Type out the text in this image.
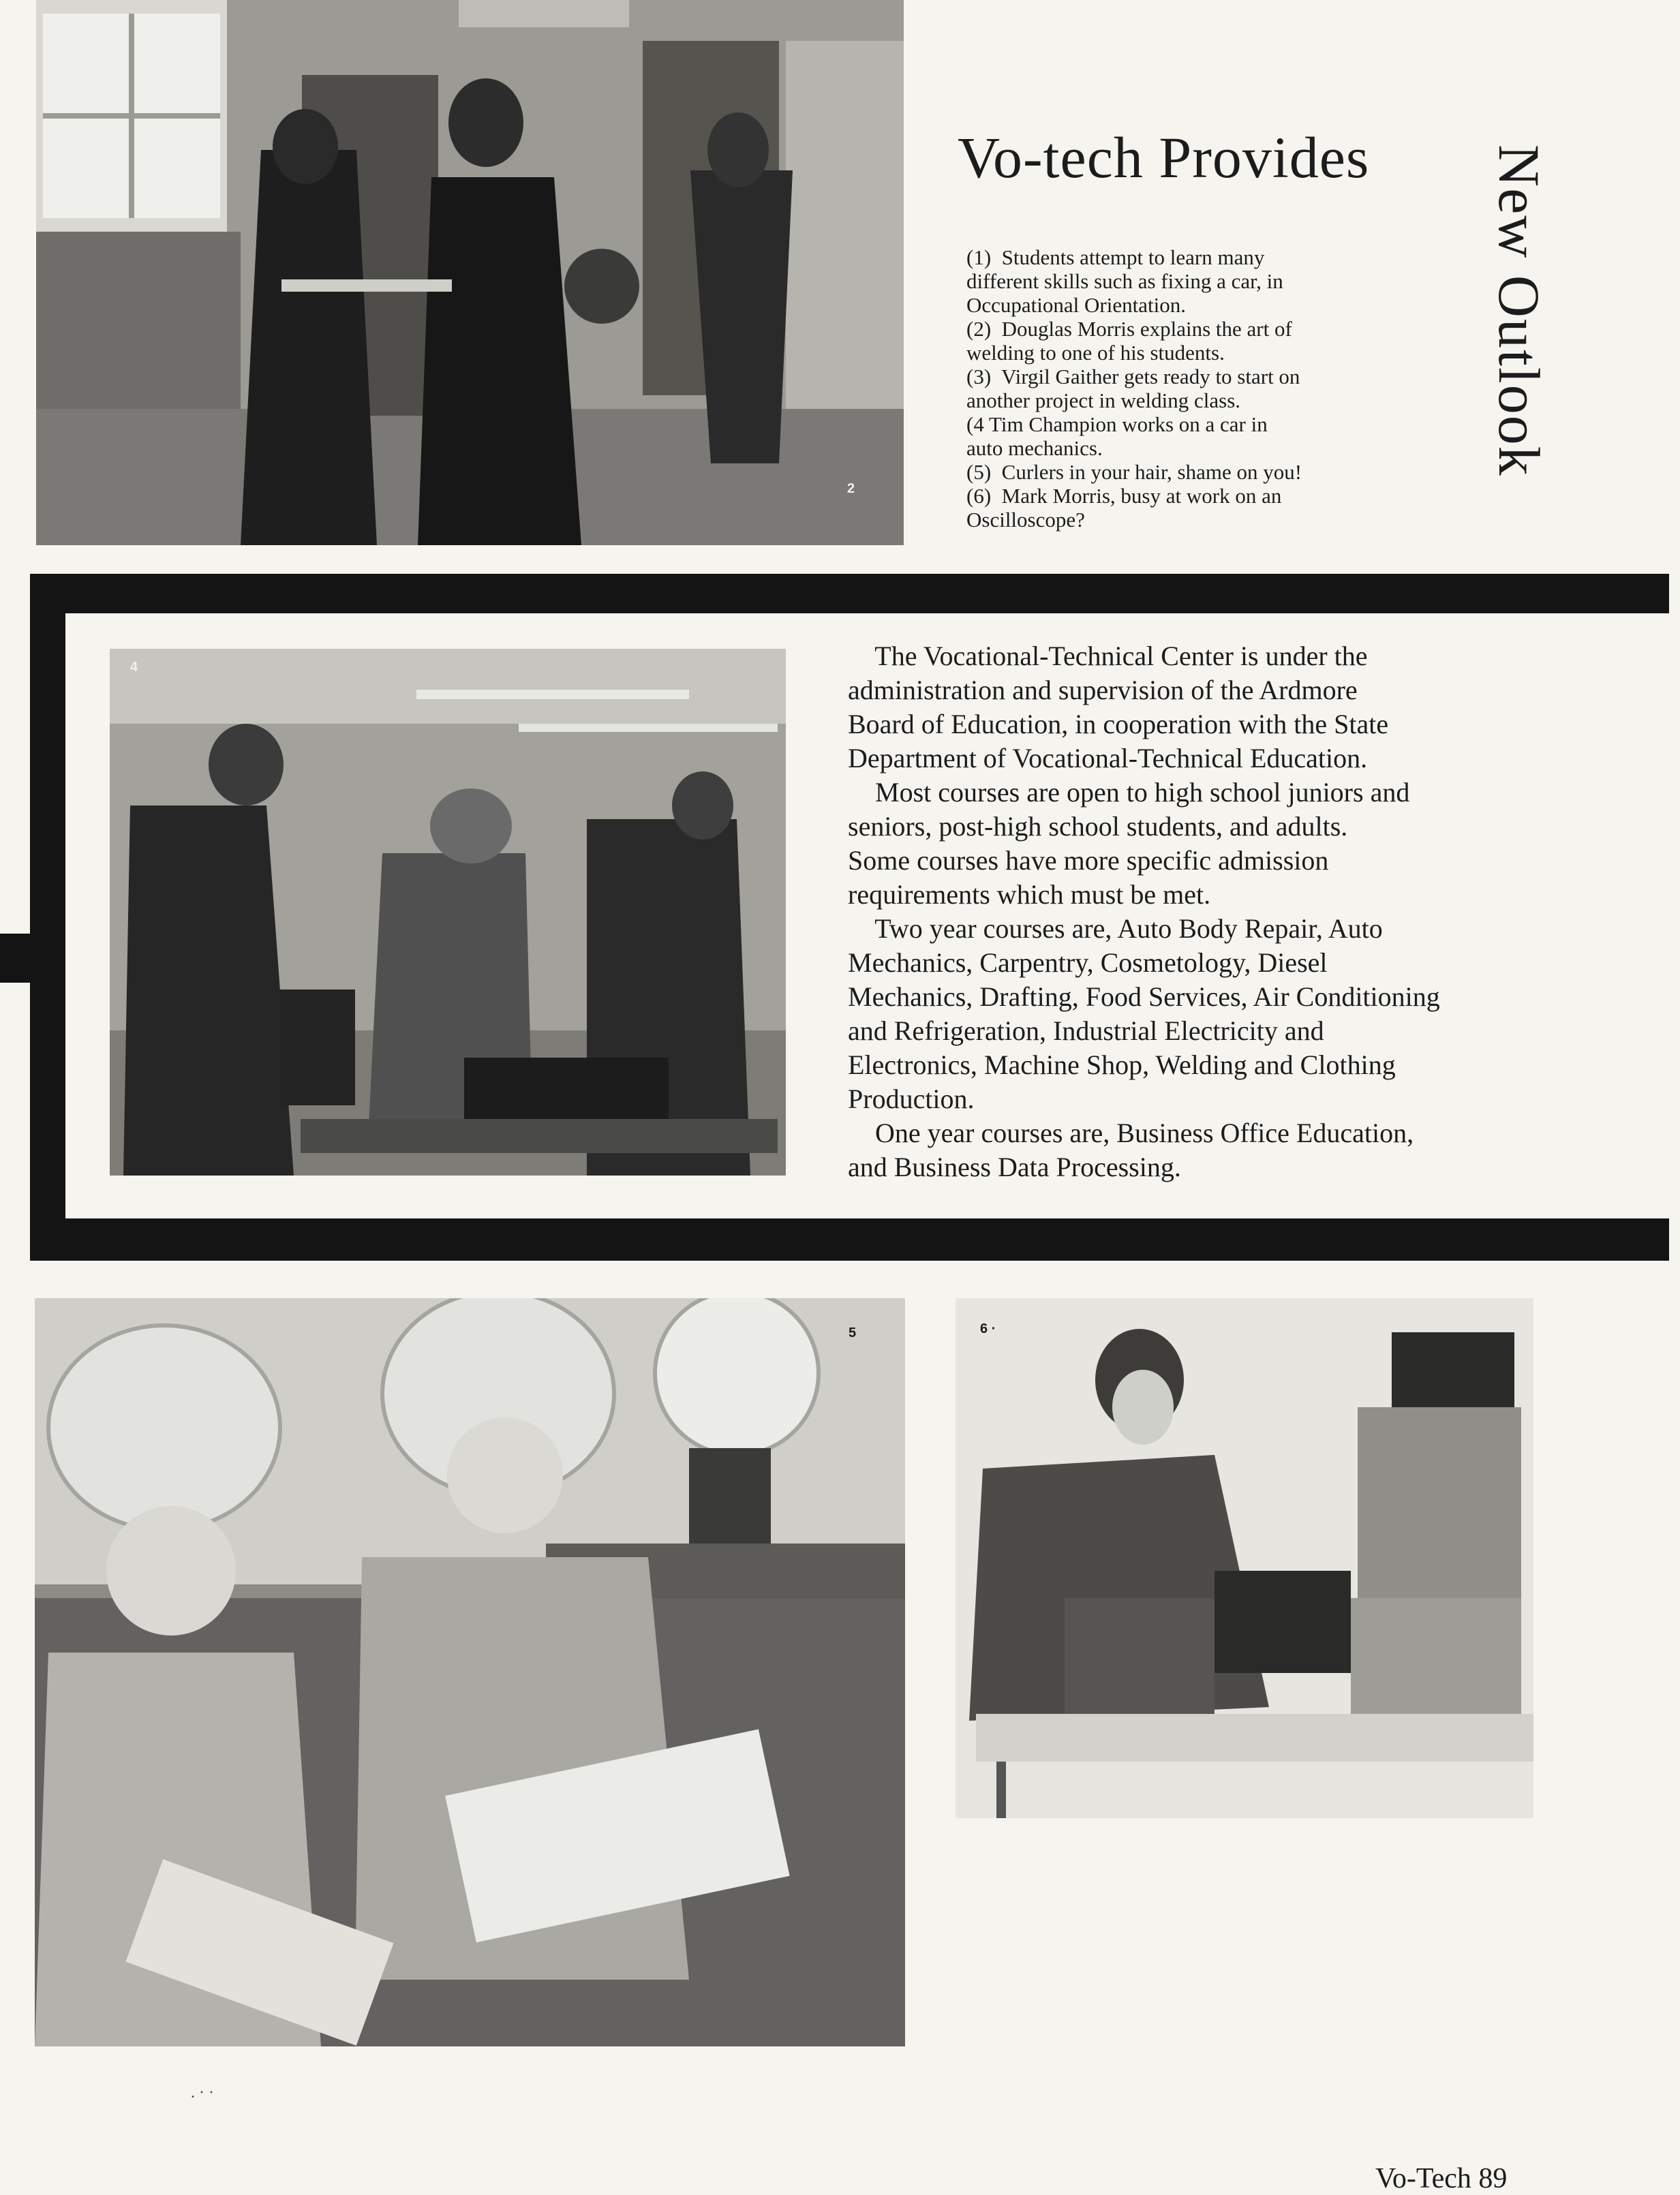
2
Vo-tech Provides New Outlook
(1)  Students attempt to learn many
different skills such as fixing a car, in
Occupational Orientation.
(2)  Douglas Morris explains the art of
welding to one of his students.
(3)  Virgil Gaither gets ready to start on
another project in welding class.
(4 Tim Champion works on a car in
auto mechanics.
(5)  Curlers in your hair, shame on you!
(6)  Mark Morris, busy at work on an
Oscilloscope?
4	The Vocational-Technical Center is under the
administration and supervision of the Ardmore
Board of Education, in cooperation with the State
Department of Vocational-Technical Education.

Most courses are open to high school juniors and
seniors, post-high school students, and adults.
Some courses have more specific admission
requirements which must be met.

Two year courses are, Auto Body Repair, Auto
Mechanics, Carpentry, Cosmetology, Diesel
Mechanics, Drafting, Food Services, Air Conditioning
and Refrigeration, Industrial Electricity and
Electronics, Machine Shop, Welding and Clothing
Production.

One year courses are, Business Office Education,
and Business Data Processing.

5	6 ·
. · ·
Vo-Tech 89
